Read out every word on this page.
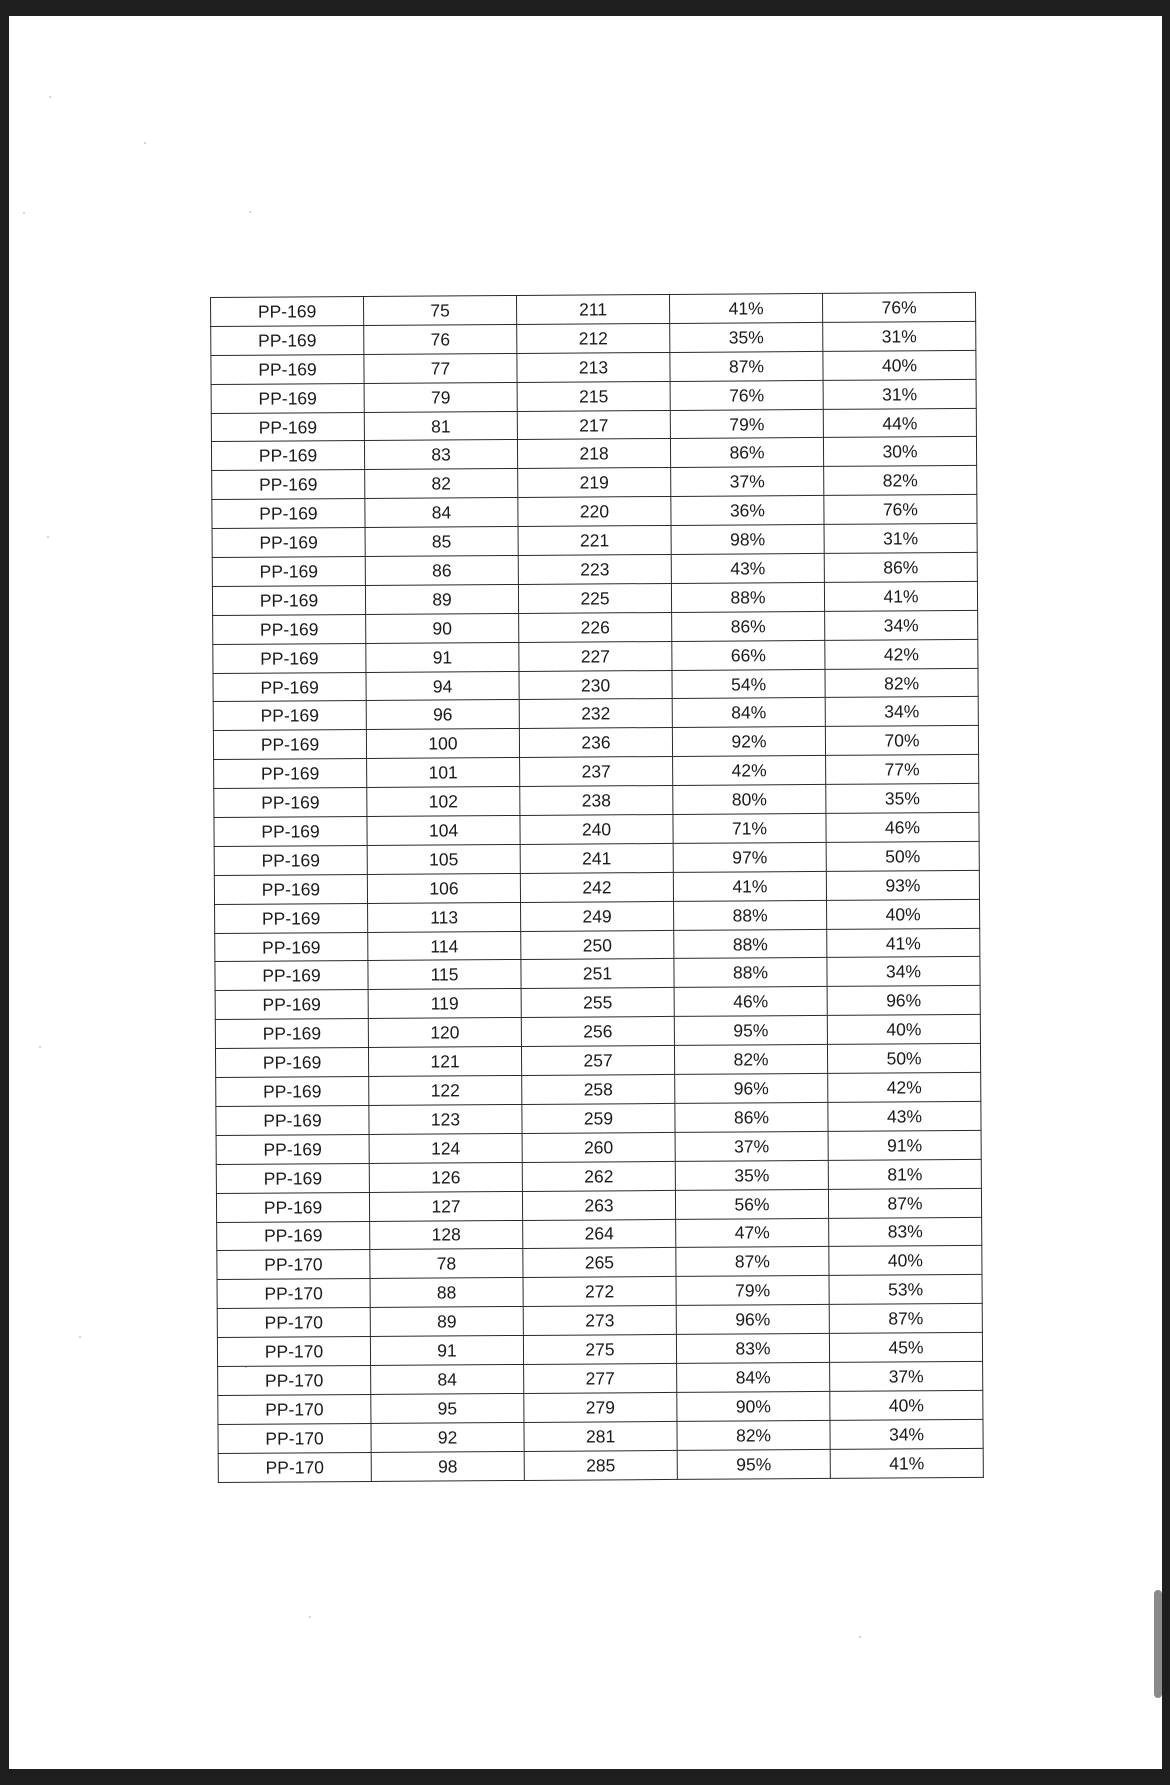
PP-169	75	211	41%	76%
PP-169	76	212	35%	31%
PP-169	77	213	87%	40%
PP-169	79	215	76%	31%
PP-169	81	217	79%	44%
PP-169	83	218	86%	30%
PP-169	82	219	37%	82%
PP-169	84	220	36%	76%
PP-169	85	221	98%	31%
PP-169	86	223	43%	86%
PP-169	89	225	88%	41%
PP-169	90	226	86%	34%
PP-169	91	227	66%	42%
PP-169	94	230	54%	82%
PP-169	96	232	84%	34%
PP-169	100	236	92%	70%
PP-169	101	237	42%	77%
PP-169	102	238	80%	35%
PP-169	104	240	71%	46%
PP-169	105	241	97%	50%
PP-169	106	242	41%	93%
PP-169	113	249	88%	40%
PP-169	114	250	88%	41%
PP-169	115	251	88%	34%
PP-169	119	255	46%	96%
PP-169	120	256	95%	40%
PP-169	121	257	82%	50%
PP-169	122	258	96%	42%
PP-169	123	259	86%	43%
PP-169	124	260	37%	91%
PP-169	126	262	35%	81%
PP-169	127	263	56%	87%
PP-169	128	264	47%	83%
PP-170	78	265	87%	40%
PP-170	88	272	79%	53%
PP-170	89	273	96%	87%
PP-170	91	275	83%	45%
PP-170	84	277	84%	37%
PP-170	95	279	90%	40%
PP-170	92	281	82%	34%
PP-170	98	285	95%	41%
